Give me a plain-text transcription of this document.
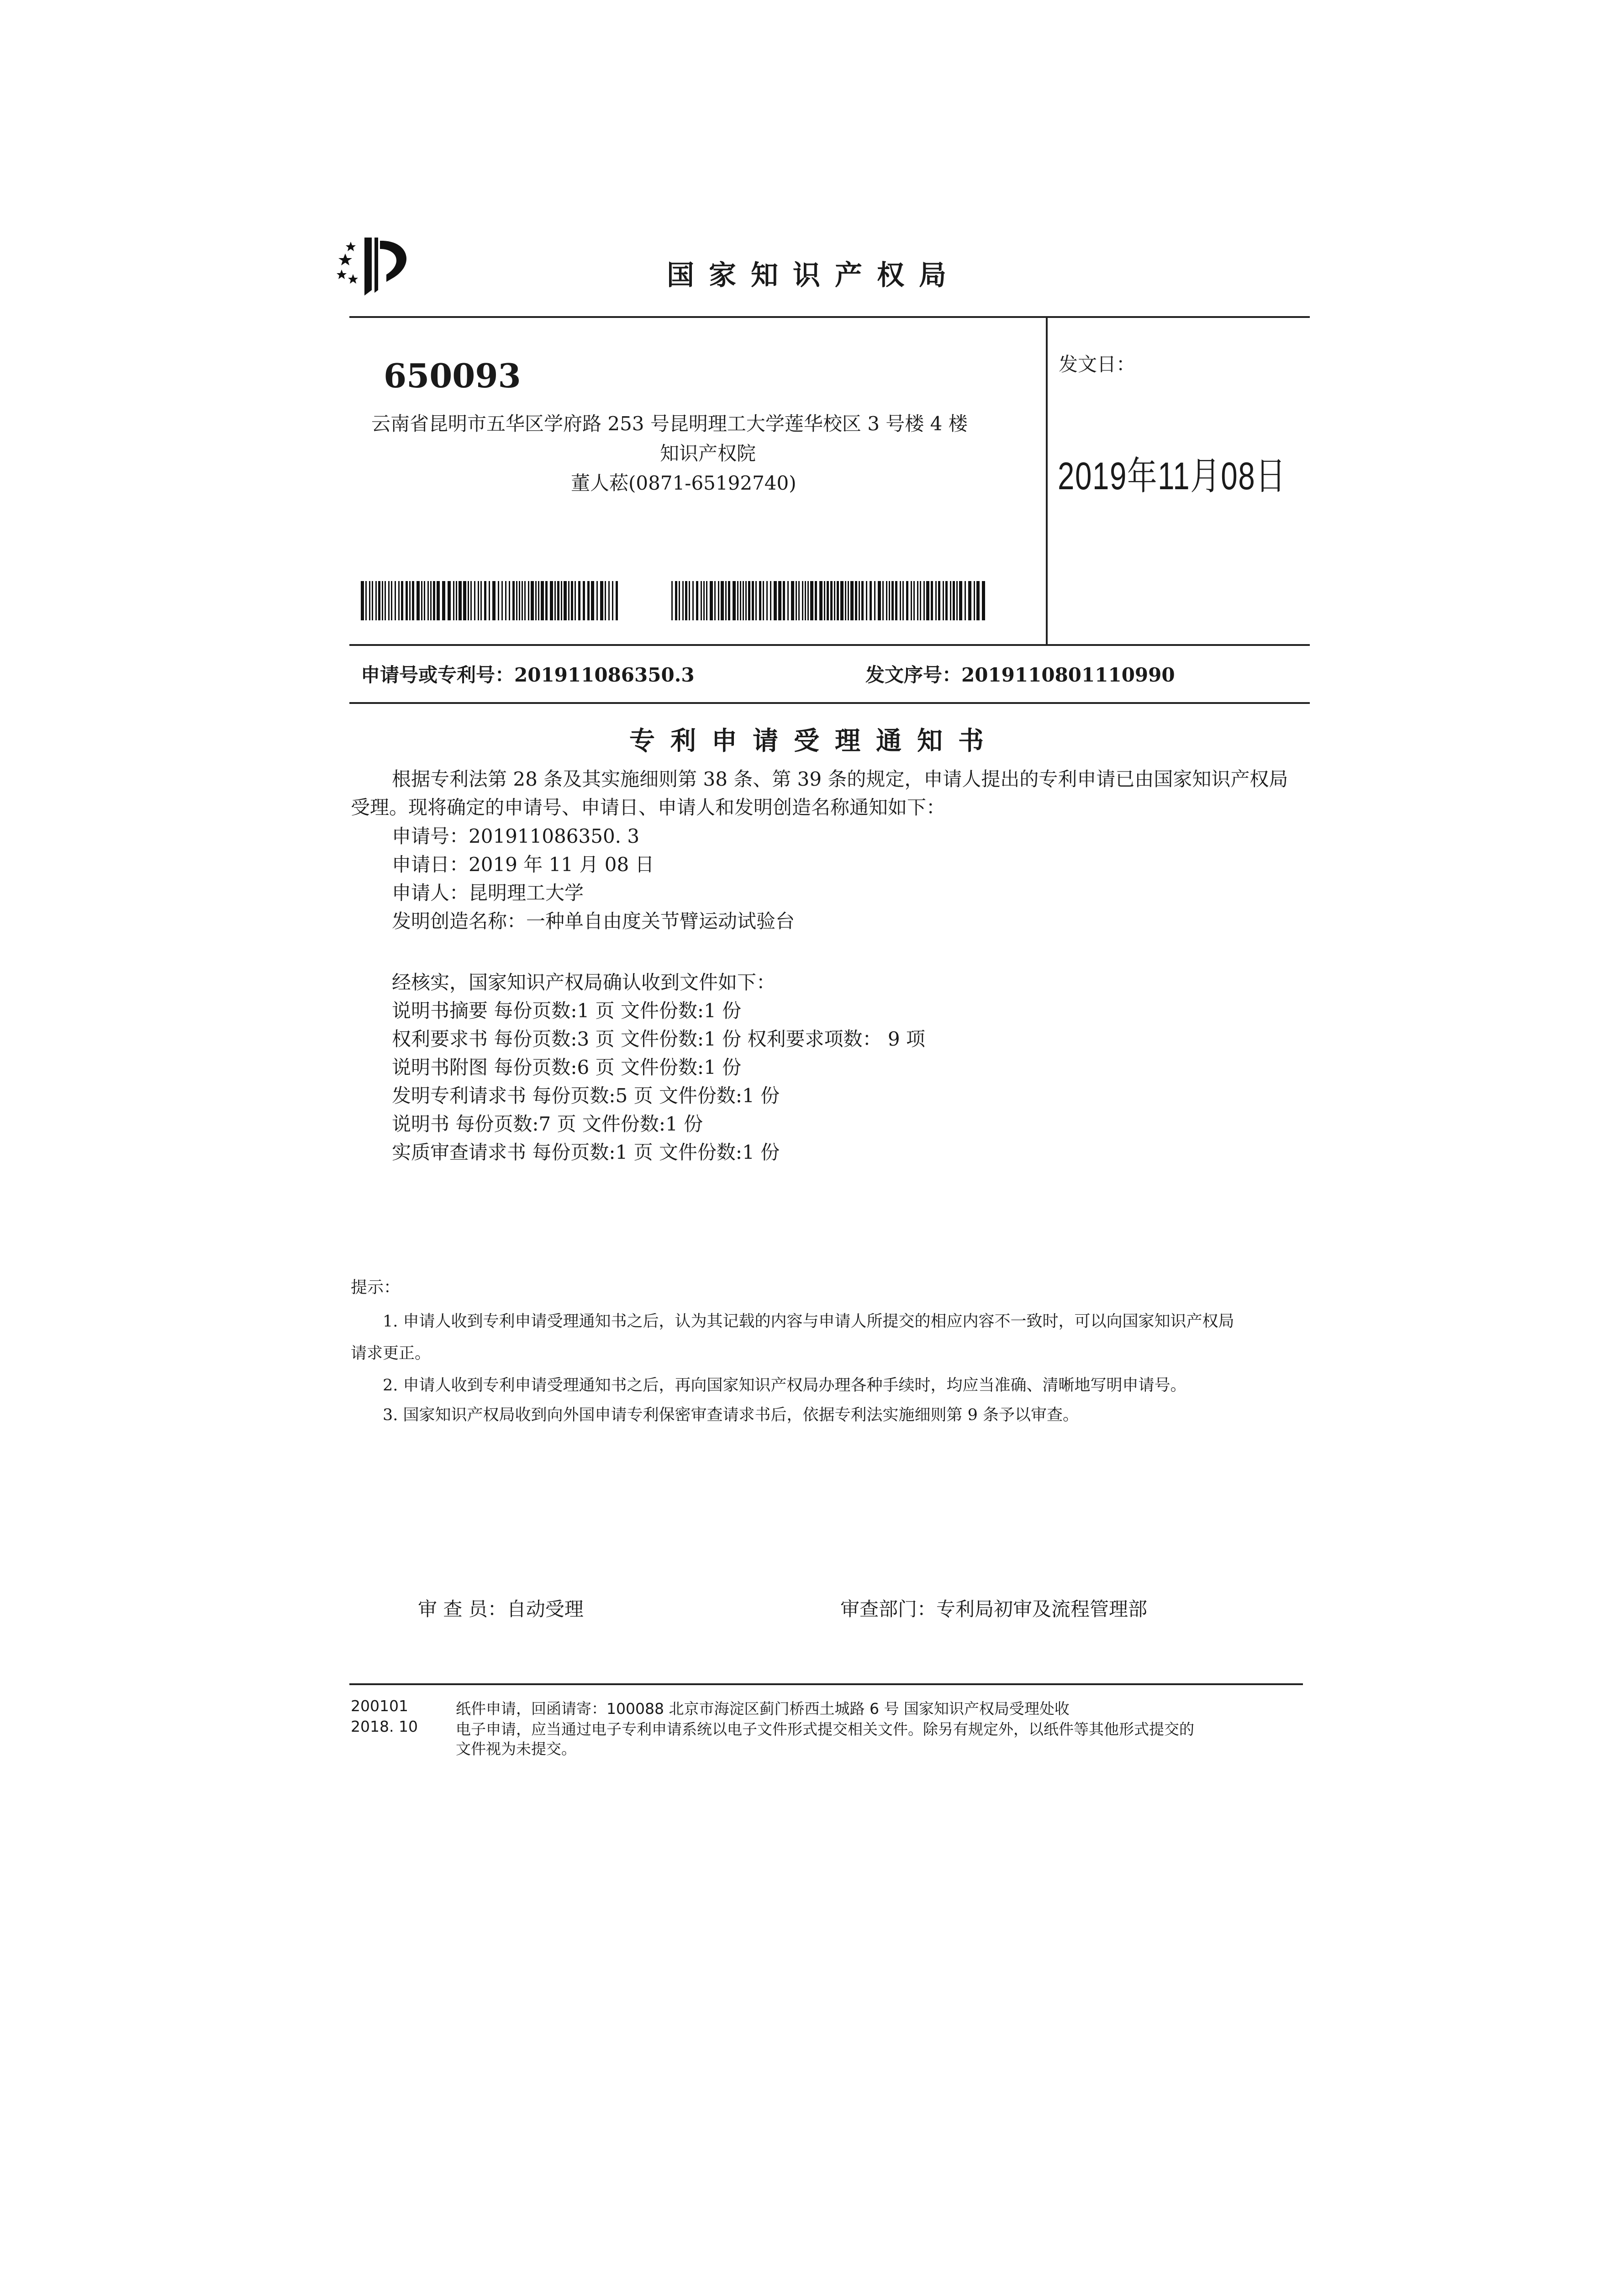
国家知识产权局
650093
云南省昆明市五华区学府路 253 号昆明理工大学莲华校区 3 号楼 4 楼
知识产权院
董人菘(0871-65192740)
发文日：
2019年11月08日
申请号或专利号：201911086350.3	发文序号：2019110801110990
专利申请受理通知书
根据专利法第 28 条及其实施细则第 38 条、第 39 条的规定，申请人提出的专利申请已由国家知识产权局
受理。现将确定的申请号、申请日、申请人和发明创造名称通知如下：
申请号：201911086350. 3
申请日：2019 年 11 月 08 日
申请人：昆明理工大学
发明创造名称：一种单自由度关节臂运动试验台
经核实，国家知识产权局确认收到文件如下：
说明书摘要 每份页数:1 页 文件份数:1 份
权利要求书 每份页数:3 页 文件份数:1 份 权利要求项数： 9 项
说明书附图 每份页数:6 页 文件份数:1 份
发明专利请求书 每份页数:5 页 文件份数:1 份
说明书 每份页数:7 页 文件份数:1 份
实质审查请求书 每份页数:1 页 文件份数:1 份
提示：
1. 申请人收到专利申请受理通知书之后，认为其记载的内容与申请人所提交的相应内容不一致时，可以向国家知识产权局
请求更正。
2. 申请人收到专利申请受理通知书之后，再向国家知识产权局办理各种手续时，均应当准确、清晰地写明申请号。
3. 国家知识产权局收到向外国申请专利保密审查请求书后，依据专利法实施细则第 9 条予以审查。
审 查 员：自动受理	审查部门：专利局初审及流程管理部
200101
2018. 10
纸件申请，回函请寄：100088 北京市海淀区蓟门桥西土城路 6 号 国家知识产权局受理处收
电子申请，应当通过电子专利申请系统以电子文件形式提交相关文件。除另有规定外，以纸件等其他形式提交的
文件视为未提交。
